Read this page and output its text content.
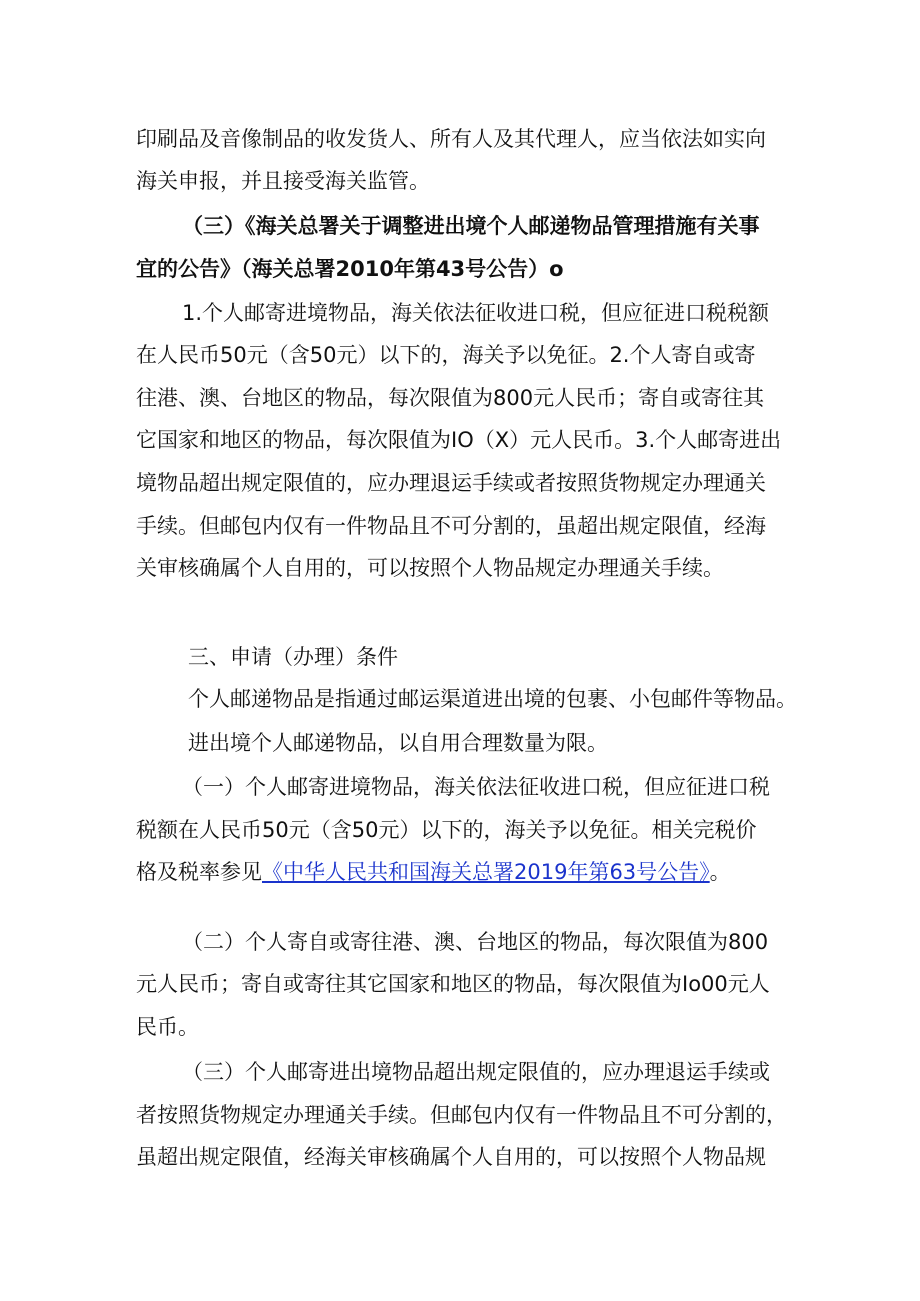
印刷品及音像制品的收发货人、所有人及其代理人，应当依法如实向
海关申报，并且接受海关监管。
（三）《海关总署关于调整进出境个人邮递物品管理措施有关事
宜的公告》（海关总署2010年第43号公告）o
1.个人邮寄进境物品，海关依法征收进口税，但应征进口税税额
在人民币50元（含50元）以下的，海关予以免征。2.个人寄自或寄
往港、澳、台地区的物品，每次限值为800元人民币；寄自或寄往其
它国家和地区的物品，每次限值为IO（X）元人民币。3.个人邮寄进出
境物品超出规定限值的，应办理退运手续或者按照货物规定办理通关
手续。但邮包内仅有一件物品且不可分割的，虽超出规定限值，经海
关审核确属个人自用的，可以按照个人物品规定办理通关手续。
三、申请（办理）条件
个人邮递物品是指通过邮运渠道进出境的包裹、小包邮件等物品。
进出境个人邮递物品，以自用合理数量为限。
（一）个人邮寄进境物品，海关依法征收进口税，但应征进口税
税额在人民币50元（含50元）以下的，海关予以免征。相关完税价
格及税率参见《中华人民共和国海关总署2019年第63号公告》。
（二）个人寄自或寄往港、澳、台地区的物品，每次限值为800
元人民币；寄自或寄往其它国家和地区的物品，每次限值为Io00元人
民币。
（三）个人邮寄进出境物品超出规定限值的，应办理退运手续或
者按照货物规定办理通关手续。但邮包内仅有一件物品且不可分割的，
虽超出规定限值，经海关审核确属个人自用的，可以按照个人物品规
